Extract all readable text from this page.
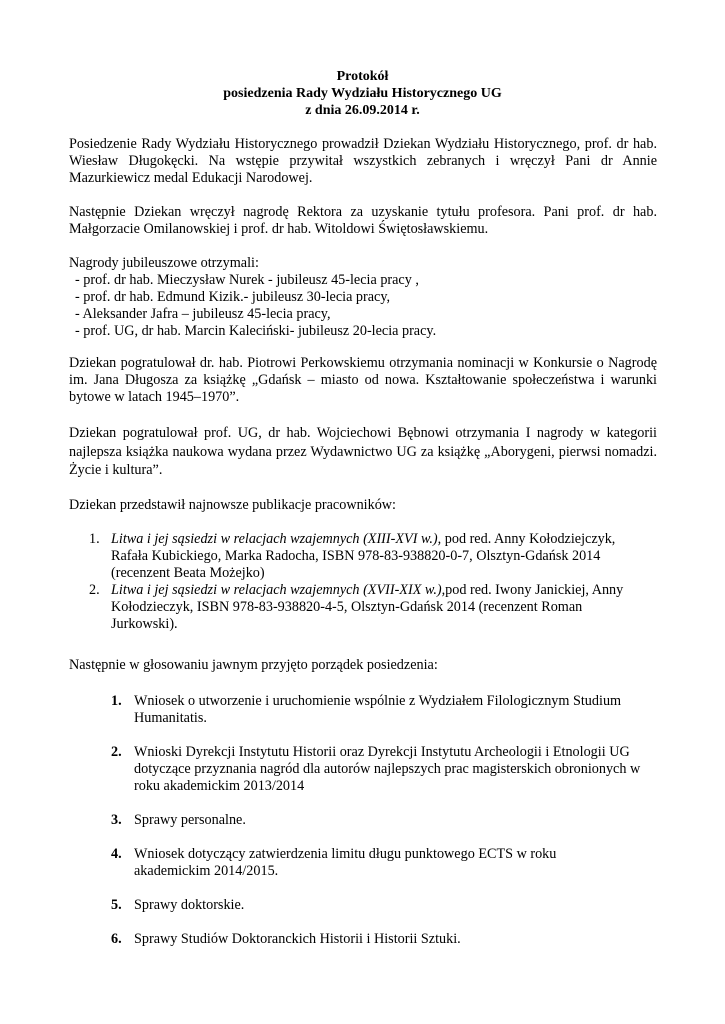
Protokół
posiedzenia Rady Wydziału Historycznego UG
z dnia 26.09.2014 r.
Posiedzenie Rady Wydziału Historycznego prowadził Dziekan Wydziału Historycznego, prof. dr hab. Wiesław Długokęcki. Na wstępie przywitał wszystkich zebranych i wręczył Pani dr Annie Mazurkiewicz medal Edukacji Narodowej.
Następnie Dziekan wręczył nagrodę Rektora za uzyskanie tytułu profesora. Pani prof. dr hab. Małgorzacie Omilanowskiej i prof. dr hab. Witoldowi Świętosławskiemu.
Nagrody jubileuszowe otrzymali:
- prof. dr hab. Mieczysław Nurek - jubileusz 45-lecia pracy ,
- prof. dr hab. Edmund Kizik.- jubileusz 30-lecia pracy,
- Aleksander Jafra – jubileusz 45-lecia pracy,
- prof. UG, dr hab. Marcin Kaleciński- jubileusz 20-lecia pracy.
Dziekan pogratulował dr. hab. Piotrowi Perkowskiemu otrzymania nominacji w Konkursie o Nagrodę im. Jana Długosza za książkę „Gdańsk – miasto od nowa. Kształtowanie społeczeństwa i warunki bytowe w latach 1945–1970”.
Dziekan pogratulował prof. UG, dr hab. Wojciechowi Bębnowi otrzymania I nagrody w kategorii najlepsza książka naukowa wydana przez Wydawnictwo UG za książkę „Aborygeni, pierwsi nomadzi. Życie i kultura”.
Dziekan przedstawił najnowsze publikacje pracowników:
1. Litwa i jej sąsiedzi w relacjach wzajemnych (XIII-XVI w.), pod red. Anny Kołodziejczyk,
Rafała Kubickiego, Marka Radocha, ISBN 978-83-938820-0-7, Olsztyn-Gdańsk 2014
(recenzent Beata Możejko)
2. Litwa i jej sąsiedzi w relacjach wzajemnych (XVII-XIX w.),pod red. Iwony Janickiej, Anny
Kołodzieczyk, ISBN 978-83-938820-4-5, Olsztyn-Gdańsk 2014 (recenzent Roman
Jurkowski).
Następnie w głosowaniu jawnym przyjęto porządek posiedzenia:
1. Wniosek o utworzenie i uruchomienie wspólnie z Wydziałem Filologicznym Studium
Humanitatis.
2. Wnioski Dyrekcji Instytutu Historii oraz Dyrekcji Instytutu Archeologii i Etnologii UG
dotyczące przyznania nagród dla autorów najlepszych prac magisterskich obronionych w
roku akademickim 2013/2014
3. Sprawy personalne.
4. Wniosek dotyczący zatwierdzenia limitu długu punktowego ECTS w roku
akademickim 2014/2015.
5. Sprawy doktorskie.
6. Sprawy Studiów Doktoranckich Historii i Historii Sztuki.
